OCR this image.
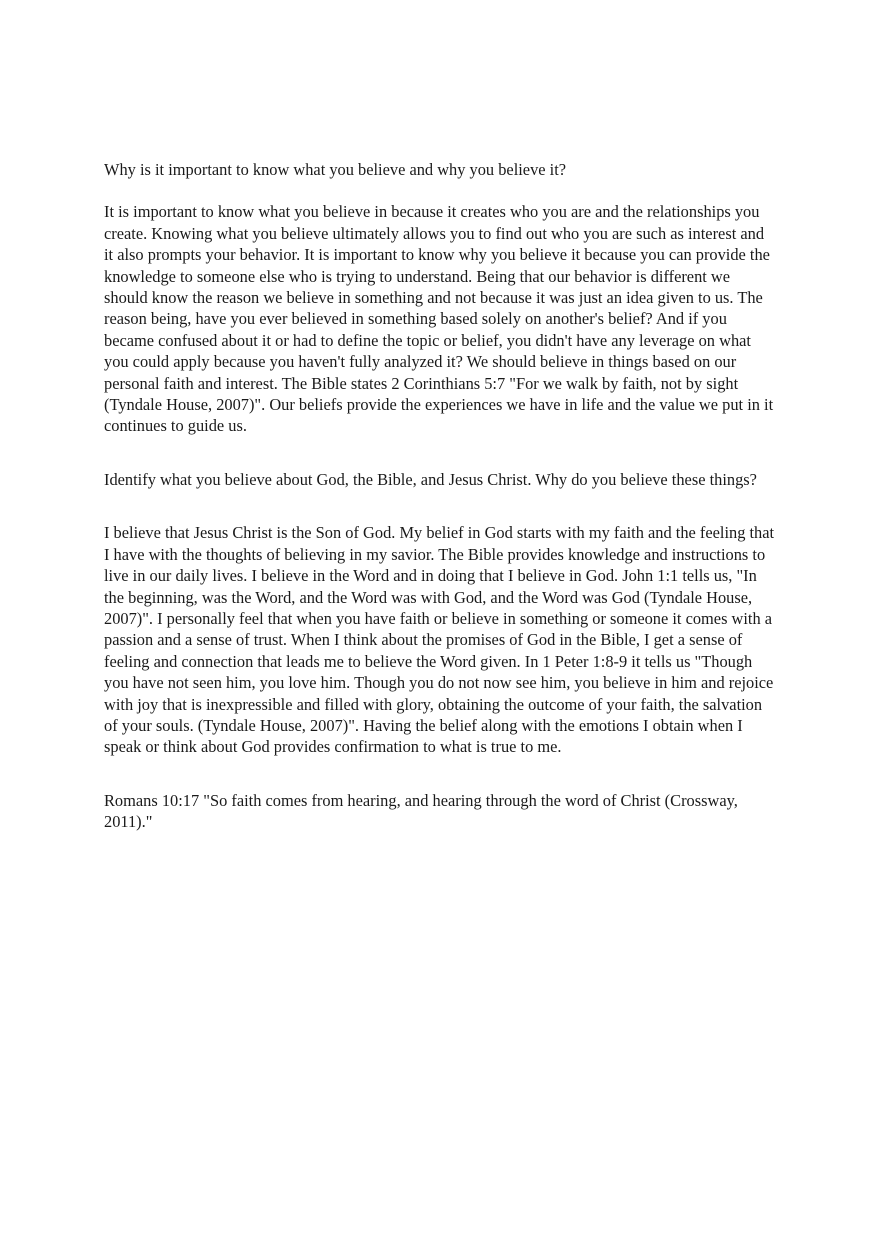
Why is it important to know what you believe and why you believe it?

It is important to know what you believe in because it creates who you are and the relationships you create. Knowing what you believe ultimately allows you to find out who you are such as interest and it also prompts your behavior. It is important to know why you believe it because you can provide the knowledge to someone else who is trying to understand. Being that our behavior is different we should know the reason we believe in something and not because it was just an idea given to us. The reason being, have you ever believed in something based solely on another's belief? And if you became confused about it or had to define the topic or belief, you didn't have any leverage on what you could apply because you haven't fully analyzed it? We should believe in things based on our personal faith and interest. The Bible states 2 Corinthians 5:7 "For we walk by faith, not by sight (Tyndale House, 2007)". Our beliefs provide the experiences we have in life and the value we put in it continues to guide us.

Identify what you believe about God, the Bible, and Jesus Christ. Why do you believe these things?

I believe that Jesus Christ is the Son of God. My belief in God starts with my faith and the feeling that I have with the thoughts of believing in my savior. The Bible provides knowledge and instructions to live in our daily lives. I believe in the Word and in doing that I believe in God. John 1:1 tells us, "In the beginning, was the Word, and the Word was with God, and the Word was God (Tyndale House, 2007)". I personally feel that when you have faith or believe in something or someone it comes with a passion and a sense of trust. When I think about the promises of God in the Bible, I get a sense of feeling and connection that leads me to believe the Word given. In 1 Peter 1:8-9 it tells us "Though you have not seen him, you love him. Though you do not now see him, you believe in him and rejoice with joy that is inexpressible and filled with glory, obtaining the outcome of your faith, the salvation of your souls. (Tyndale House, 2007)". Having the belief along with the emotions I obtain when I speak or think about God provides confirmation to what is true to me.

Romans 10:17 "So faith comes from hearing, and hearing through the word of Christ (Crossway, 2011)."
